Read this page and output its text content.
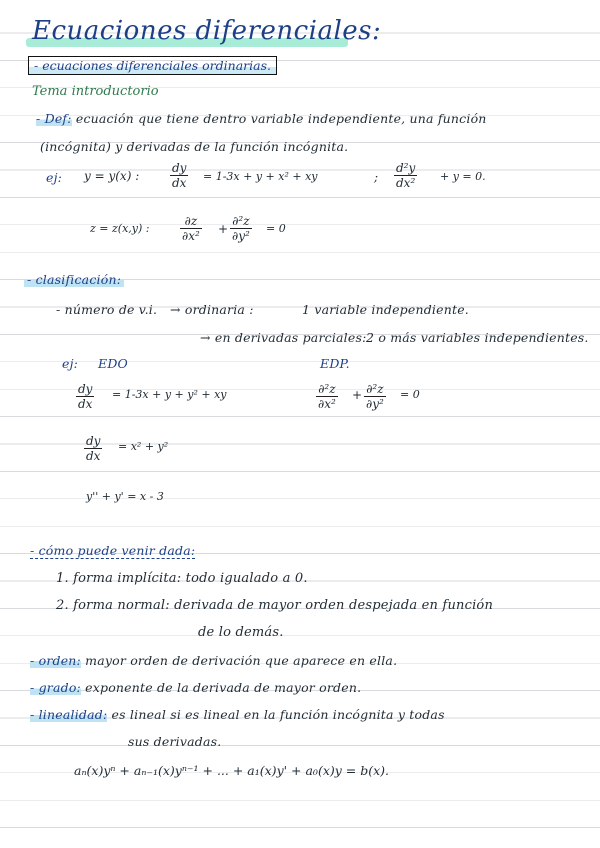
Ecuaciones diferenciales:
- ecuaciones diferenciales ordinarias.
Tema introductorio
- Def: ecuación que tiene dentro variable independiente, una función
(incógnita) y derivadas de la función incógnita.
ej: y = y(x) :	$\frac{dy}{dx} = 1-3x + y + x^2$ + xy	; $\frac{\text{d²y}}{\text{dx²}} + y = 0$.
z = z(x,y) :	$\frac{\partial z}{\text{∂x²}} + \frac{\text{∂²z}}{\text{∂y²}} = 0$
- clasificación:
- número de v.i. → ordinaria :	1 variable independiente.
→ en derivadas parciales: 2 o más variables independientes.
ej: EDO	EDP.
$\frac{dy}{dx} = 1-3x + y + y^2$ + xy	$\frac{\text{∂²z}}{\text{∂x²}} + \frac{\text{∂²z}}{\text{∂y²}} = 0$
$\frac{dy}{dx} = x^2 + y^2$
y'' + y' = x - 3
- cómo puede venir dada:
1. forma implícita: todo igualado a 0.
2. forma normal: derivada de mayor orden despejada en función
de lo demás.
- orden: mayor orden de derivación que aparece en ella.
- grado: exponente de la derivada de mayor orden.
- linealidad: es lineal si es lineal en la función incógnita y todas
sus derivadas.
aₙ(x)yⁿ + aₙ₋₁(x)yⁿ⁻¹ + ... + a₁(x)y' + a₀(x)y = b(x).
